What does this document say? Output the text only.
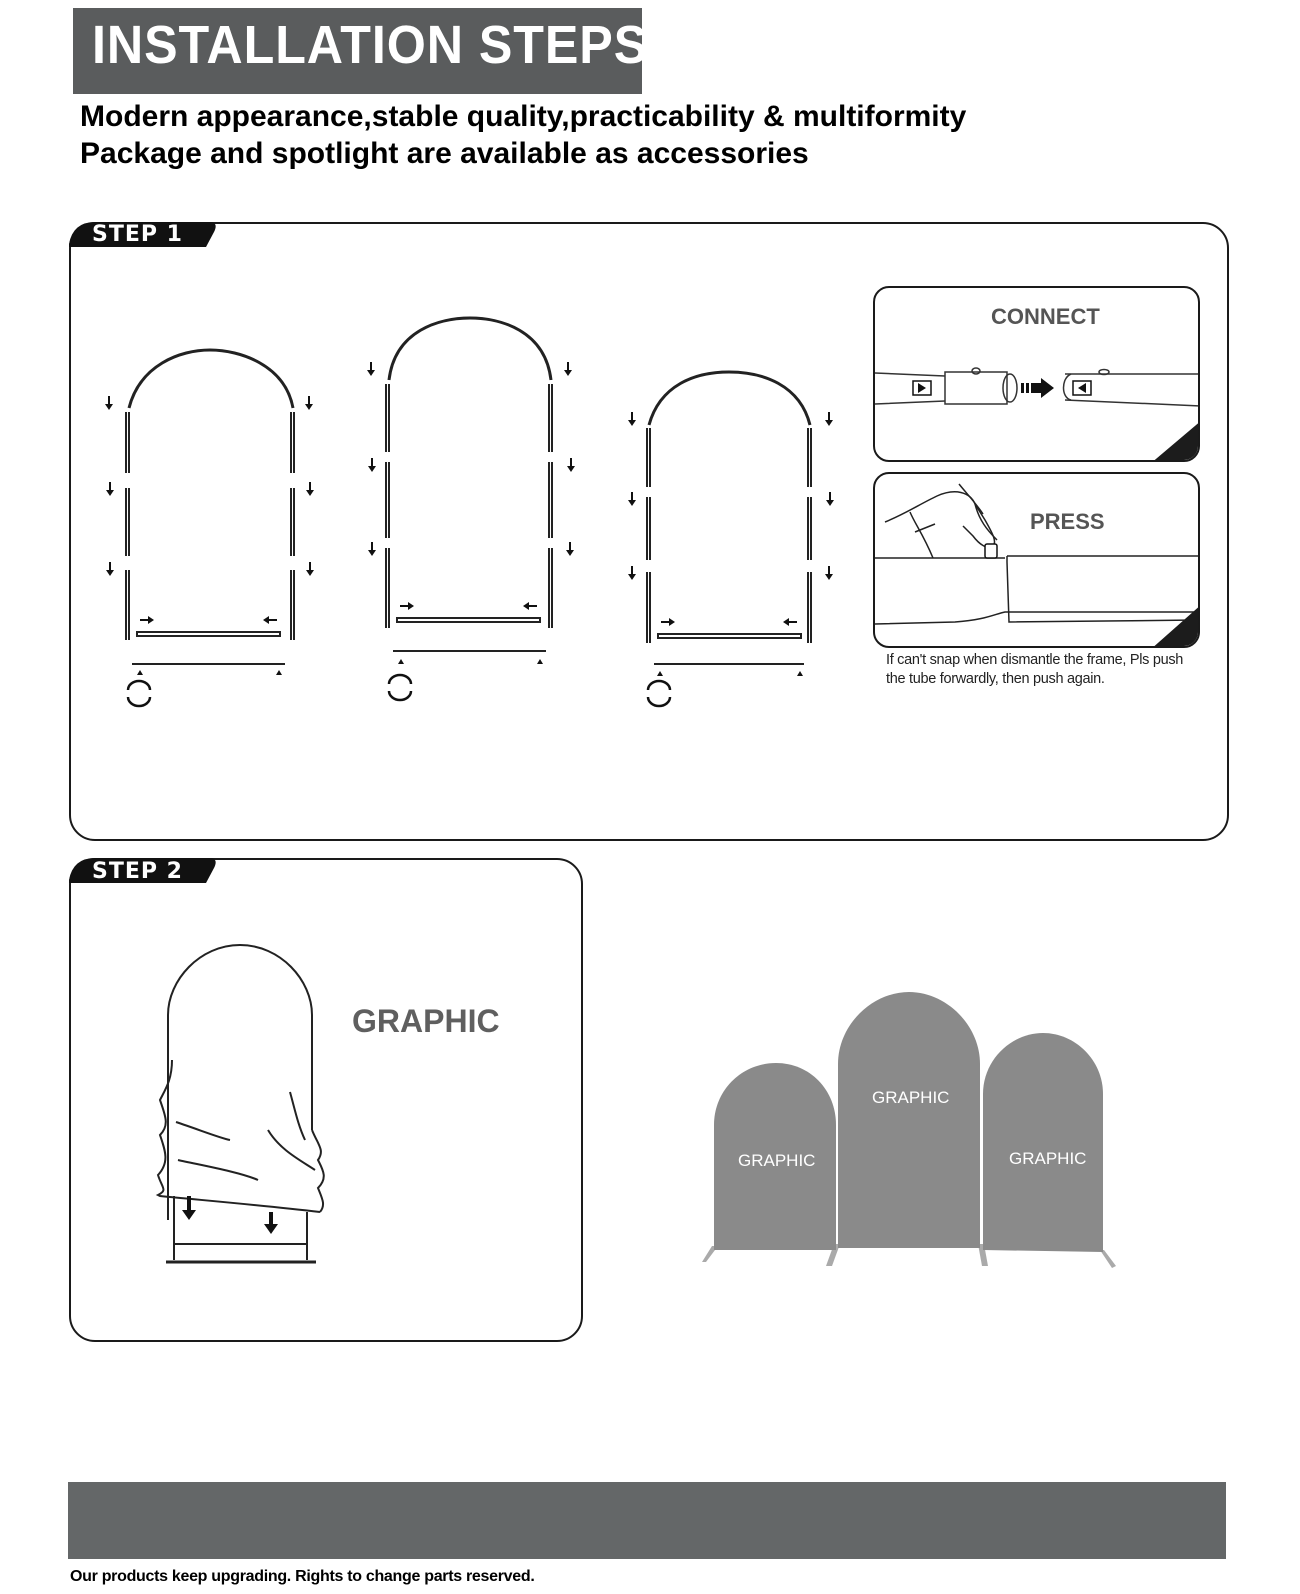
INSTALLATION STEPS
Modern appearance,stable quality,practicability & multiformity
Package and spotlight are available as accessories
STEP 1
CONNECT
PRESS
If can't snap when dismantle the frame, Pls push the tube forwardly, then push again.
STEP 2
GRAPHIC
GRAPHIC
GRAPHIC
GRAPHIC
Our products keep upgrading. Rights to change parts reserved.
